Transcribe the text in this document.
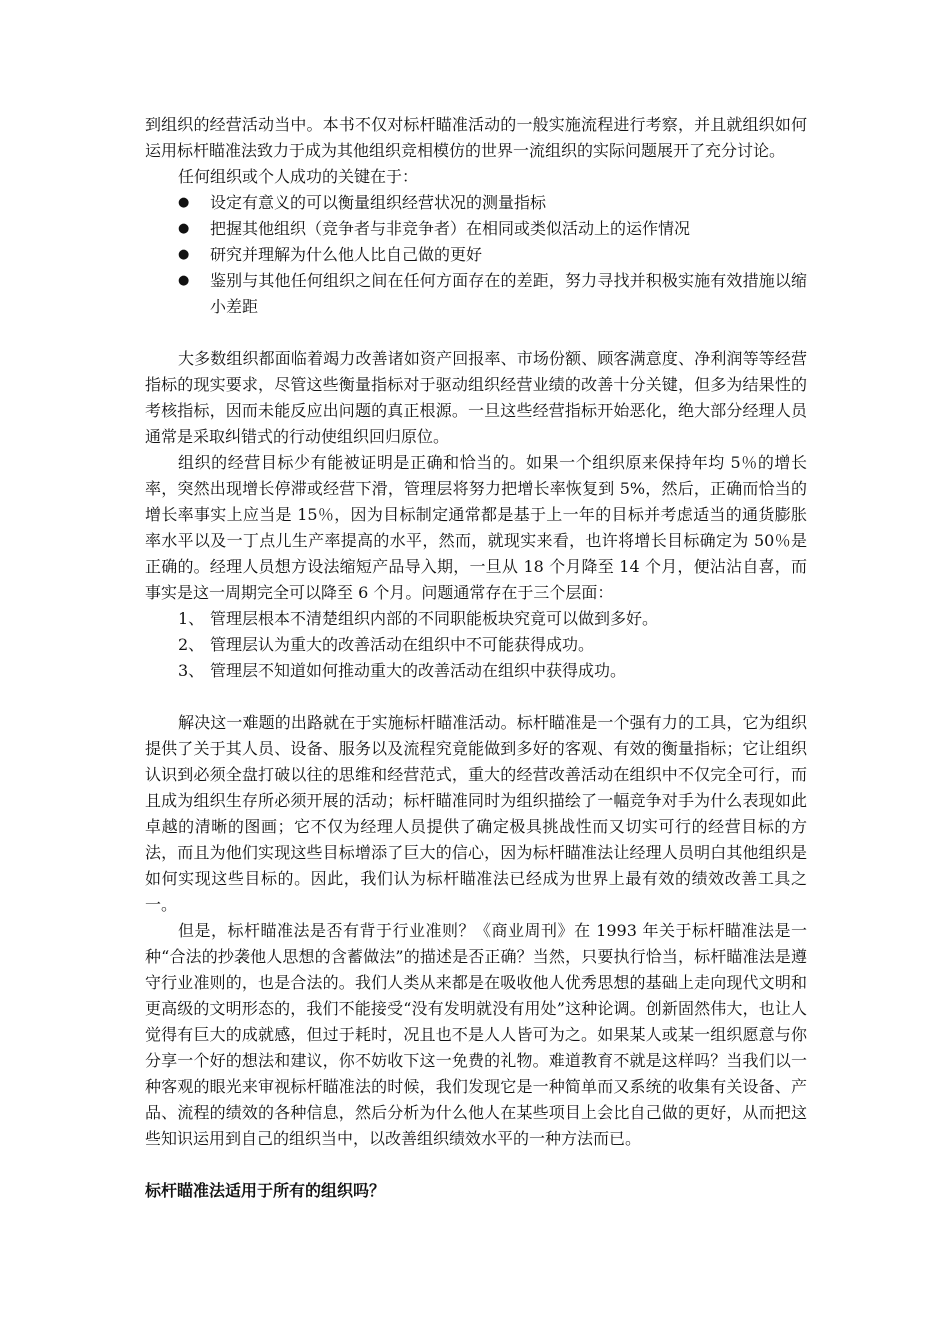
到组织的经营活动当中。本书不仅对标杆瞄准活动的一般实施流程进行考察，并且就组织如何运用标杆瞄准法致力于成为其他组织竞相模仿的世界一流组织的实际问题展开了充分讨论。

任何组织或个人成功的关键在于：

● 设定有意义的可以衡量组织经营状况的测量指标
● 把握其他组织（竞争者与非竞争者）在相同或类似活动上的运作情况
● 研究并理解为什么他人比自己做的更好
● 鉴别与其他任何组织之间在任何方面存在的差距，努力寻找并积极实施有效措施以缩小差距

大多数组织都面临着竭力改善诸如资产回报率、市场份额、顾客满意度、净利润等等经营指标的现实要求，尽管这些衡量指标对于驱动组织经营业绩的改善十分关键，但多为结果性的考核指标，因而未能反应出问题的真正根源。一旦这些经营指标开始恶化，绝大部分经理人员通常是采取纠错式的行动使组织回归原位。

组织的经营目标少有能被证明是正确和恰当的。如果一个组织原来保持年均 5％的增长率，突然出现增长停滞或经营下滑，管理层将努力把增长率恢复到 5%，然后，正确而恰当的增长率事实上应当是 15％，因为目标制定通常都是基于上一年的目标并考虑适当的通货膨胀率水平以及一丁点儿生产率提高的水平，然而，就现实来看，也许将增长目标确定为 50％是正确的。经理人员想方设法缩短产品导入期，一旦从 18 个月降至 14 个月，便沾沾自喜，而事实是这一周期完全可以降至 6 个月。问题通常存在于三个层面：

1、 管理层根本不清楚组织内部的不同职能板块究竟可以做到多好。
2、 管理层认为重大的改善活动在组织中不可能获得成功。
3、 管理层不知道如何推动重大的改善活动在组织中获得成功。

解决这一难题的出路就在于实施标杆瞄准活动。标杆瞄准是一个强有力的工具，它为组织提供了关于其人员、设备、服务以及流程究竟能做到多好的客观、有效的衡量指标；它让组织认识到必须全盘打破以往的思维和经营范式，重大的经营改善活动在组织中不仅完全可行，而且成为组织生存所必须开展的活动；标杆瞄准同时为组织描绘了一幅竞争对手为什么表现如此卓越的清晰的图画；它不仅为经理人员提供了确定极具挑战性而又切实可行的经营目标的方法，而且为他们实现这些目标增添了巨大的信心，因为标杆瞄准法让经理人员明白其他组织是如何实现这些目标的。因此，我们认为标杆瞄准法已经成为世界上最有效的绩效改善工具之一。

但是，标杆瞄准法是否有背于行业准则？《商业周刊》在 1993 年关于标杆瞄准法是一种“合法的抄袭他人思想的含蓄做法”的描述是否正确？当然，只要执行恰当，标杆瞄准法是遵守行业准则的，也是合法的。我们人类从来都是在吸收他人优秀思想的基础上走向现代文明和更高级的文明形态的，我们不能接受“没有发明就没有用处”这种论调。创新固然伟大，也让人觉得有巨大的成就感，但过于耗时，况且也不是人人皆可为之。如果某人或某一组织愿意与你分享一个好的想法和建议，你不妨收下这一免费的礼物。难道教育不就是这样吗？当我们以一种客观的眼光来审视标杆瞄准法的时候，我们发现它是一种简单而又系统的收集有关设备、产品、流程的绩效的各种信息，然后分析为什么他人在某些项目上会比自己做的更好，从而把这些知识运用到自己的组织当中，以改善组织绩效水平的一种方法而已。

标杆瞄准法适用于所有的组织吗？
